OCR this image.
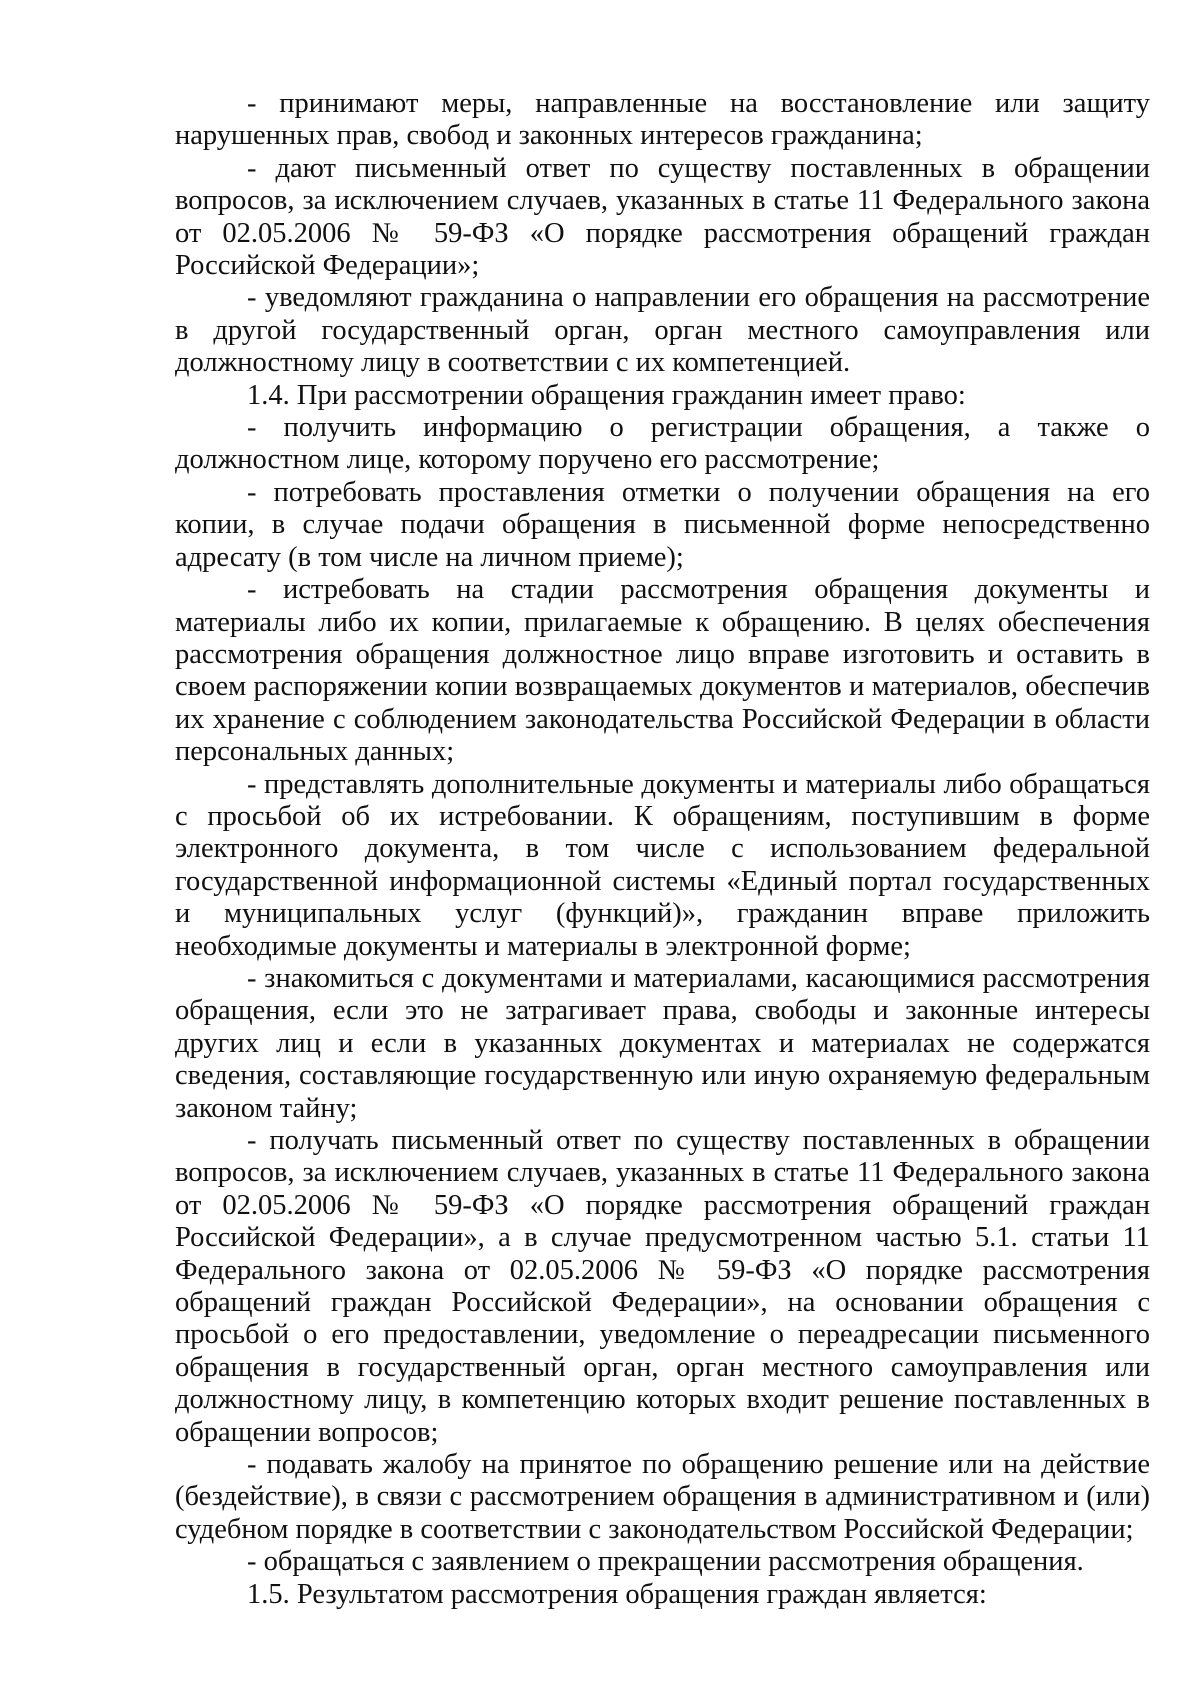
- принимают меры, направленные на восстановление или защиту нарушенных прав, свобод и законных интересов гражданина;

- дают письменный ответ по существу поставленных в обращении вопросов, за исключением случаев, указанных в статье 11 Федерального закона от 02.05.2006 № 59-ФЗ «О порядке рассмотрения обращений граждан Российской Федерации»;

- уведомляют гражданина о направлении его обращения на рассмотрение в другой государственный орган, орган местного самоуправления или должностному лицу в соответствии с их компетенцией.

1.4. При рассмотрении обращения гражданин имеет право:

- получить информацию о регистрации обращения, а также о должностном лице, которому поручено его рассмотрение;

- потребовать проставления отметки о получении обращения на его копии, в случае подачи обращения в письменной форме непосредственно адресату (в том числе на личном приеме);

- истребовать на стадии рассмотрения обращения документы и материалы либо их копии, прилагаемые к обращению. В целях обеспечения рассмотрения обращения должностное лицо вправе изготовить и оставить в своем распоряжении копии возвращаемых документов и материалов, обеспечив их хранение с соблюдением законодательства Российской Федерации в области персональных данных;

- представлять дополнительные документы и материалы либо обращаться с просьбой об их истребовании. К обращениям, поступившим в форме электронного документа, в том числе с использованием федеральной государственной информационной системы «Единый портал государственных и муниципальных услуг (функций)», гражданин вправе приложить необходимые документы и материалы в электронной форме;

- знакомиться с документами и материалами, касающимися рассмотрения обращения, если это не затрагивает права, свободы и законные интересы других лиц и если в указанных документах и материалах не содержатся сведения, составляющие государственную или иную охраняемую федеральным законом тайну;

- получать письменный ответ по существу поставленных в обращении вопросов, за исключением случаев, указанных в статье 11 Федерального закона от 02.05.2006 № 59-ФЗ «О порядке рассмотрения обращений граждан Российской Федерации», а в случае предусмотренном частью 5.1. статьи 11 Федерального закона от 02.05.2006 № 59-ФЗ «О порядке рассмотрения обращений граждан Российской Федерации», на основании обращения с просьбой о его предоставлении, уведомление о переадресации письменного обращения в государственный орган, орган местного самоуправления или должностному лицу, в компетенцию которых входит решение поставленных в обращении вопросов;

- подавать жалобу на принятое по обращению решение или на действие (бездействие), в связи с рассмотрением обращения в административном и (или) судебном порядке в соответствии с законодательством Российской Федерации;

- обращаться с заявлением о прекращении рассмотрения обращения.

1.5. Результатом рассмотрения обращения граждан является:
